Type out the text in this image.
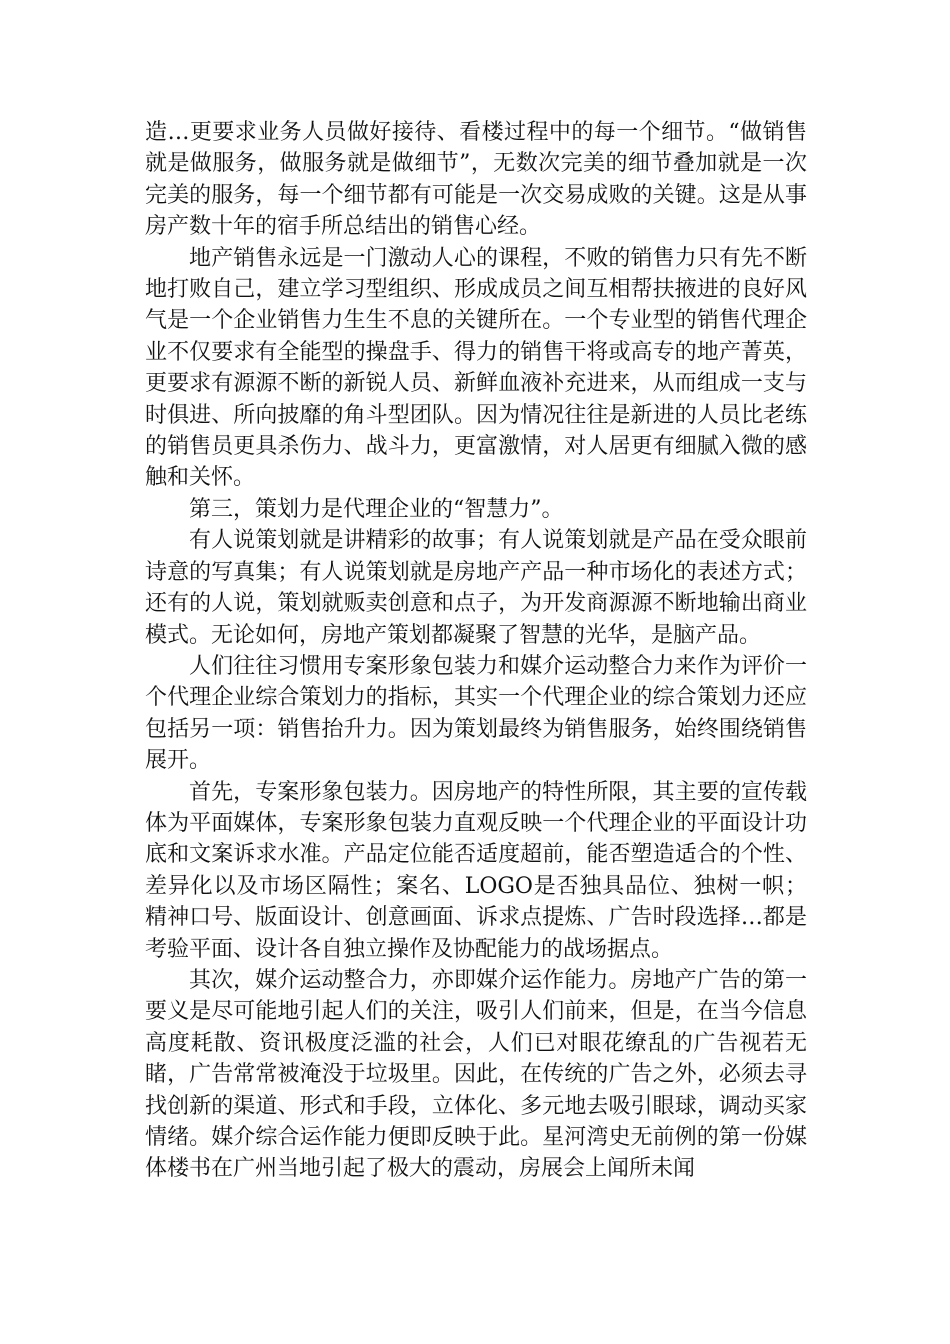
造…更要求业务人员做好接待、看楼过程中的每一个细节。“做销售就是做服务，做服务就是做细节”，无数次完美的细节叠加就是一次完美的服务，每一个细节都有可能是一次交易成败的关键。这是从事房产数十年的宿手所总结出的销售心经。

地产销售永远是一门激动人心的课程，不败的销售力只有先不断地打败自己，建立学习型组织、形成成员之间互相帮扶掖进的良好风气是一个企业销售力生生不息的关键所在。一个专业型的销售代理企业不仅要求有全能型的操盘手、得力的销售干将或高专的地产菁英，更要求有源源不断的新锐人员、新鲜血液补充进来，从而组成一支与时俱进、所向披靡的角斗型团队。因为情况往往是新进的人员比老练的销售员更具杀伤力、战斗力，更富激情，对人居更有细腻入微的感触和关怀。

第三，策划力是代理企业的“智慧力”。

有人说策划就是讲精彩的故事；有人说策划就是产品在受众眼前诗意的写真集；有人说策划就是房地产产品一种市场化的表述方式；还有的人说，策划就贩卖创意和点子，为开发商源源不断地输出商业模式。无论如何，房地产策划都凝聚了智慧的光华，是脑产品。

人们往往习惯用专案形象包装力和媒介运动整合力来作为评价一个代理企业综合策划力的指标，其实一个代理企业的综合策划力还应包括另一项：销售抬升力。因为策划最终为销售服务，始终围绕销售展开。

首先，专案形象包装力。因房地产的特性所限，其主要的宣传载体为平面媒体，专案形象包装力直观反映一个代理企业的平面设计功底和文案诉求水准。产品定位能否适度超前，能否塑造适合的个性、差异化以及市场区隔性；案名、LOGO是否独具品位、独树一帜；精神口号、版面设计、创意画面、诉求点提炼、广告时段选择…都是考验平面、设计各自独立操作及协配能力的战场据点。

其次，媒介运动整合力，亦即媒介运作能力。房地产广告的第一要义是尽可能地引起人们的关注，吸引人们前来，但是，在当今信息高度耗散、资讯极度泛滥的社会，人们已对眼花缭乱的广告视若无睹，广告常常被淹没于垃圾里。因此，在传统的广告之外，必须去寻找创新的渠道、形式和手段，立体化、多元地去吸引眼球，调动买家情绪。媒介综合运作能力便即反映于此。星河湾史无前例的第一份媒体楼书在广州当地引起了极大的震动，房展会上闻所未闻
